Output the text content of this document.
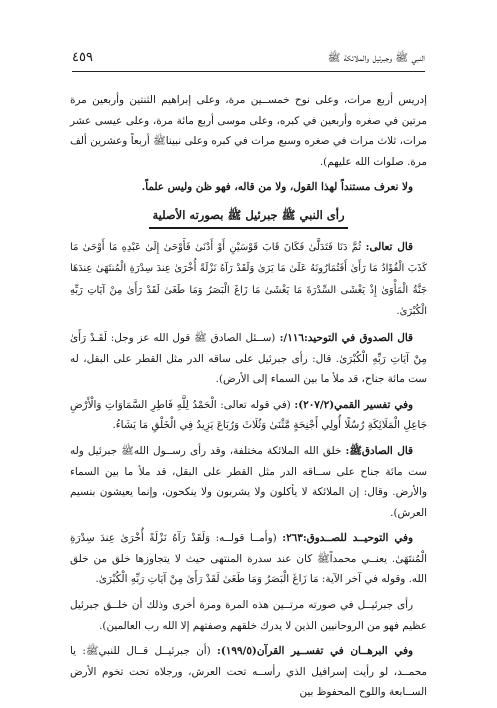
النبي ﷺ وجبرئيل والملائكة ﷺ
٤٥٩

إدريس أربع مرات، وعلى نوح خمســين مرة، وعلى إبراهيم الثنتين وأربعين مرة مرتين في صغره وأربعين في كبره، وعلى موسى أربع مائة مرة، وعلى عيسى عشر مرات، ثلاث مرات في صغره وسبع مرات في كبره وعلى نبيناﷺ أربعاً وعشرين ألف مرة. صلوات الله عليهم).

ولا نعرف مستنداً لهذا القول، ولا من قاله، فهو ظن وليس علماً.

رأى النبي ﷺ جبرئيل ﷺ بصورته الأصلية

قال تعالى: ثُمَّ دَنَا فَتَدَلَّىٰ فَكَانَ قَابَ قَوْسَيْنِ أَوْ أَدْنَىٰ فَأَوْحَىٰ إِلَىٰ عَبْدِهِ مَا أَوْحَىٰ مَا كَذَبَ الْفُؤَادُ مَا رَأَىٰ أَفَتُمَارُونَهُ عَلَىٰ مَا يَرَىٰ وَلَقَدْ رَآهُ نَزْلَةً أُخْرَىٰ عِندَ سِدْرَةِ الْمُنتَهَىٰ عِندَهَا جَنَّةُ الْمَأْوَىٰ إِذْ يَغْشَى السِّدْرَةَ مَا يَغْشَىٰ مَا زَاغَ الْبَصَرُ وَمَا طَغَىٰ لَقَدْ رَأَىٰ مِنْ آيَاتِ رَبِّهِ الْكُبْرَىٰ.

قال الصدوق في التوحيد:١١٦/: (ســئل الصادق ﷺ قول الله عز وجل: لَقَـدْ رَأَىٰ مِنْ آيَاتِ رَبِّهِ الْكُبْرَىٰ. قال: رأى جبرئيل على ساقه الدر مثل القطر على البقل، له ست مائة جناح، قد ملأ ما بين السماء إلى الأرض).

وفي تفسير القمي(٢٠٧/٢): (في قوله تعالى: الْحَمْدُ لِلَّهِ فَاطِرِ السَّمَاوَاتِ وَالْأَرْضِ جَاعِلِ الْمَلَائِكَةِ رُسُلًا أُولِي أَجْنِحَةٍ مَّثْنَىٰ وَثُلَاثَ وَرُبَاعَ يَزِيدُ فِي الْخَلْقِ مَا يَشَاءُ.

قال الصادقﷺ: خلق الله الملائكة مختلفة، وقد رأى رســول اللهﷺ جبرئيل وله ست مائة جناح على ســاقه الدر مثل القطر على البقل، قد ملأ ما بين السماء والأرض. وقال: إن الملائكة لا يأكلون ولا يشربون ولا ينكحون، وإنما يعيشون بنسيم العرش).

وفي التوحيــد للصــدوق:٢٦٣: (وأمــا قولــه: وَلَقَدْ رَآهُ نَزْلَةً أُخْرَىٰ عِندَ سِدْرَةِ الْمُنتَهَىٰ. يعنــي محمداًﷺ كان عند سدرة المنتهى حيث لا يتجاوزها خلق من خلق الله. وقوله في آخر الآية: مَا زَاغَ الْبَصَرُ وَمَا طَغَىٰ لَقَدْ رَأَىٰ مِنْ آيَاتِ رَبِّهِ الْكُبْرَىٰ.

رأى جبرئيــل في صورته مرتــين هذه المرة ومرة أخرى وذلك أن خلــق جبرئيل عظيم فهو من الروحانيين الذين لا يدرك خلقهم وصفتهم إلا الله رب العالمين).

وفي البرهــان في تفســير القرآن(١٩٩/٥): (أن جبرئيــل قــال للنبيﷺ: يا محمــد، لو رأيت إسرافيل الذي رأســه تحت العرش، ورجلاه تحت تخوم الأرض الســابعة واللوح المحفوظ بين
